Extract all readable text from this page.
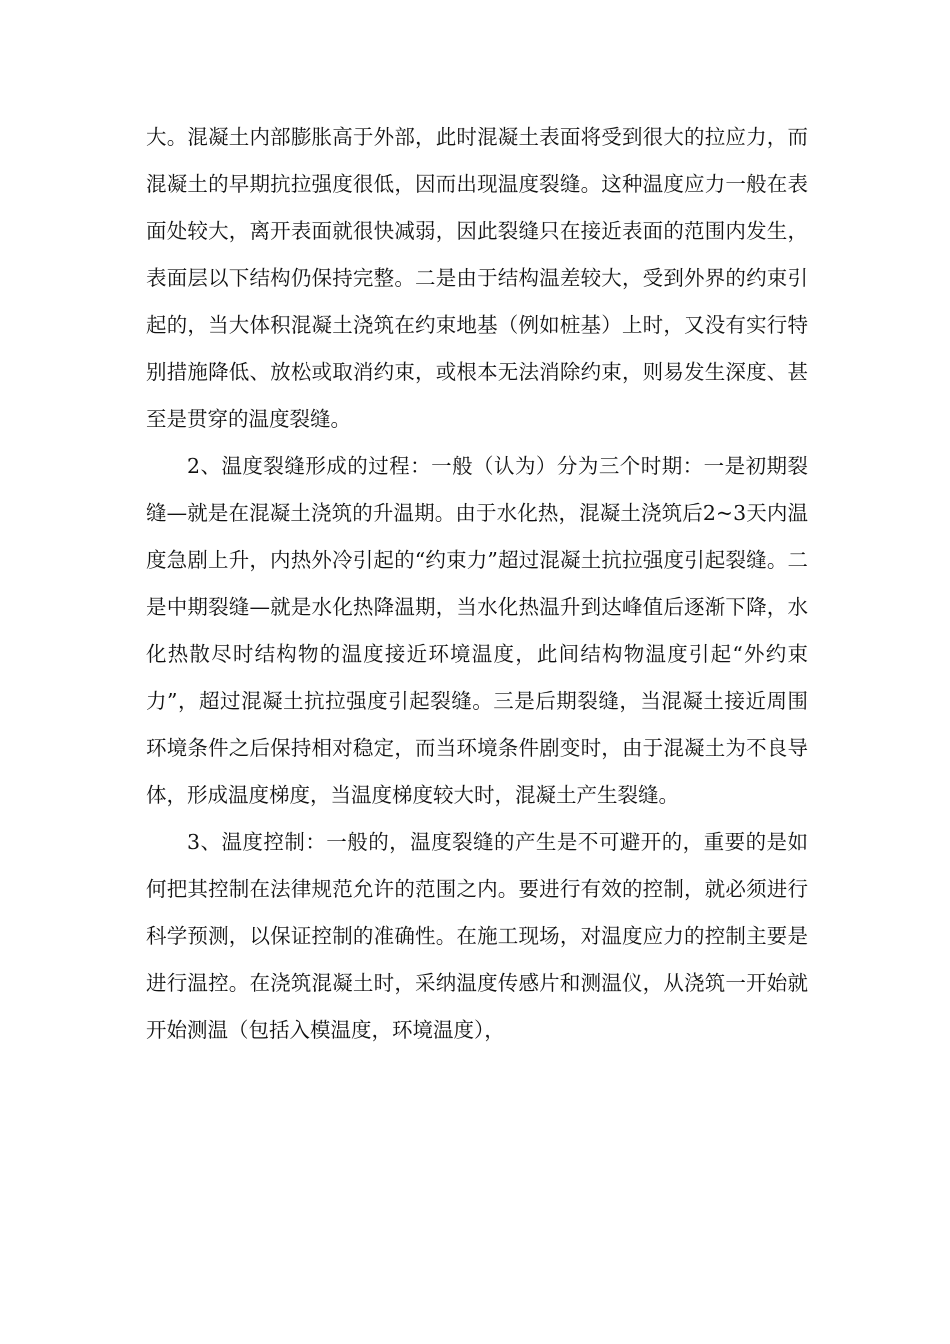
大。混凝土内部膨胀高于外部，此时混凝土表面将受到很大的拉应力，而混凝土的早期抗拉强度很低，因而出现温度裂缝。这种温度应力一般在表面处较大，离开表面就很快减弱，因此裂缝只在接近表面的范围内发生，表面层以下结构仍保持完整。二是由于结构温差较大，受到外界的约束引起的，当大体积混凝土浇筑在约束地基（例如桩基）上时，又没有实行特别措施降低、放松或取消约束，或根本无法消除约束，则易发生深度、甚至是贯穿的温度裂缝。

2、温度裂缝形成的过程：一般（认为）分为三个时期：一是初期裂缝—就是在混凝土浇筑的升温期。由于水化热，混凝土浇筑后2~3天内温度急剧上升，内热外冷引起的“约束力”超过混凝土抗拉强度引起裂缝。二是中期裂缝—就是水化热降温期，当水化热温升到达峰值后逐渐下降，水化热散尽时结构物的温度接近环境温度，此间结构物温度引起“外约束力”，超过混凝土抗拉强度引起裂缝。三是后期裂缝，当混凝土接近周围环境条件之后保持相对稳定，而当环境条件剧变时，由于混凝土为不良导体，形成温度梯度，当温度梯度较大时，混凝土产生裂缝。

3、温度控制：一般的，温度裂缝的产生是不可避开的，重要的是如何把其控制在法律规范允许的范围之内。要进行有效的控制，就必须进行科学预测，以保证控制的准确性。在施工现场，对温度应力的控制主要是进行温控。在浇筑混凝土时，采纳温度传感片和测温仪，从浇筑一开始就开始测温（包括入模温度，环境温度），
